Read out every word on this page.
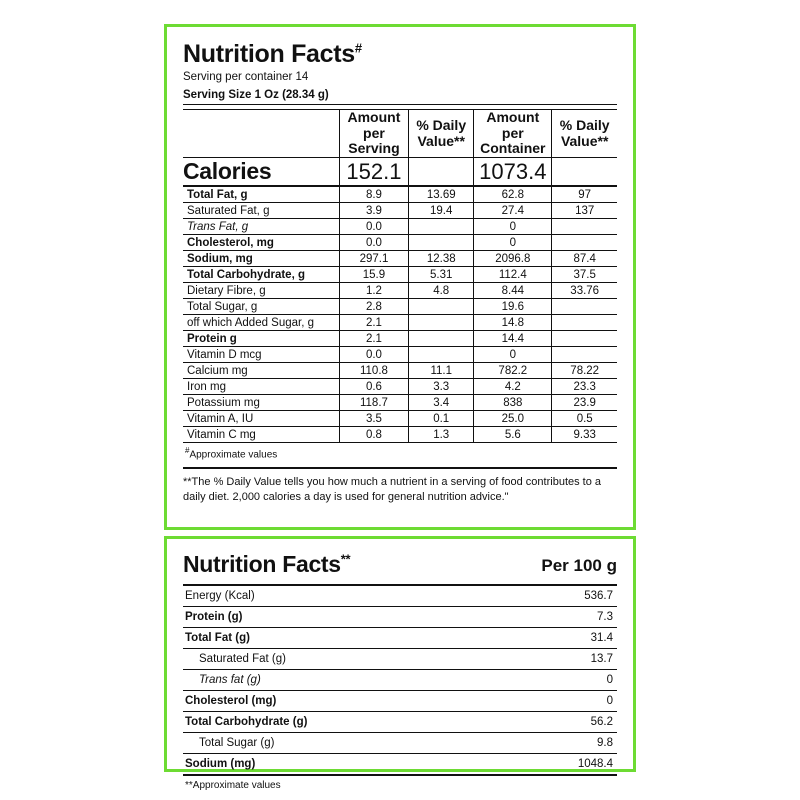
Nutrition Facts#
Serving per container 14
Serving Size 1 Oz (28.34 g)

Amount
per
Serving

% Daily
Value**

Amount
per
Container

% Daily
Value**

Calories	152.1		1073.4	
Total Fat, g	8.9	13.69	62.8	97
Saturated Fat, g	3.9	19.4	27.4	137
Trans Fat, g	0.0		0	
Cholesterol, mg	0.0		0	
Sodium, mg	297.1	12.38	2096.8	87.4
Total Carbohydrate, g	15.9	5.31	112.4	37.5
Dietary Fibre, g	1.2	4.8	8.44	33.76
Total Sugar, g	2.8		19.6	
off which Added Sugar, g	2.1		14.8	
Protein g	2.1		14.4	
Vitamin D mcg	0.0		0	
Calcium mg	110.8	11.1	782.2	78.22
Iron mg	0.6	3.3	4.2	23.3
Potassium mg	118.7	3.4	838	23.9
Vitamin A, IU	3.5	0.1	25.0	0.5
Vitamin C mg	0.8	1.3	5.6	9.33
#Approximate values
**The % Daily Value tells you how much a nutrient in a serving of food contributes to a daily diet. 2,000 calories a day is used for general nutrition advice."
Nutrition Facts**	Per 100 g
Energy (Kcal)	536.7
Protein (g)	7.3
Total Fat (g)	31.4
Saturated Fat (g)	13.7
Trans fat (g)	0
Cholesterol (mg)	0
Total Carbohydrate (g)	56.2
Total Sugar (g)	9.8
Sodium (mg)	1048.4
**Approximate values
